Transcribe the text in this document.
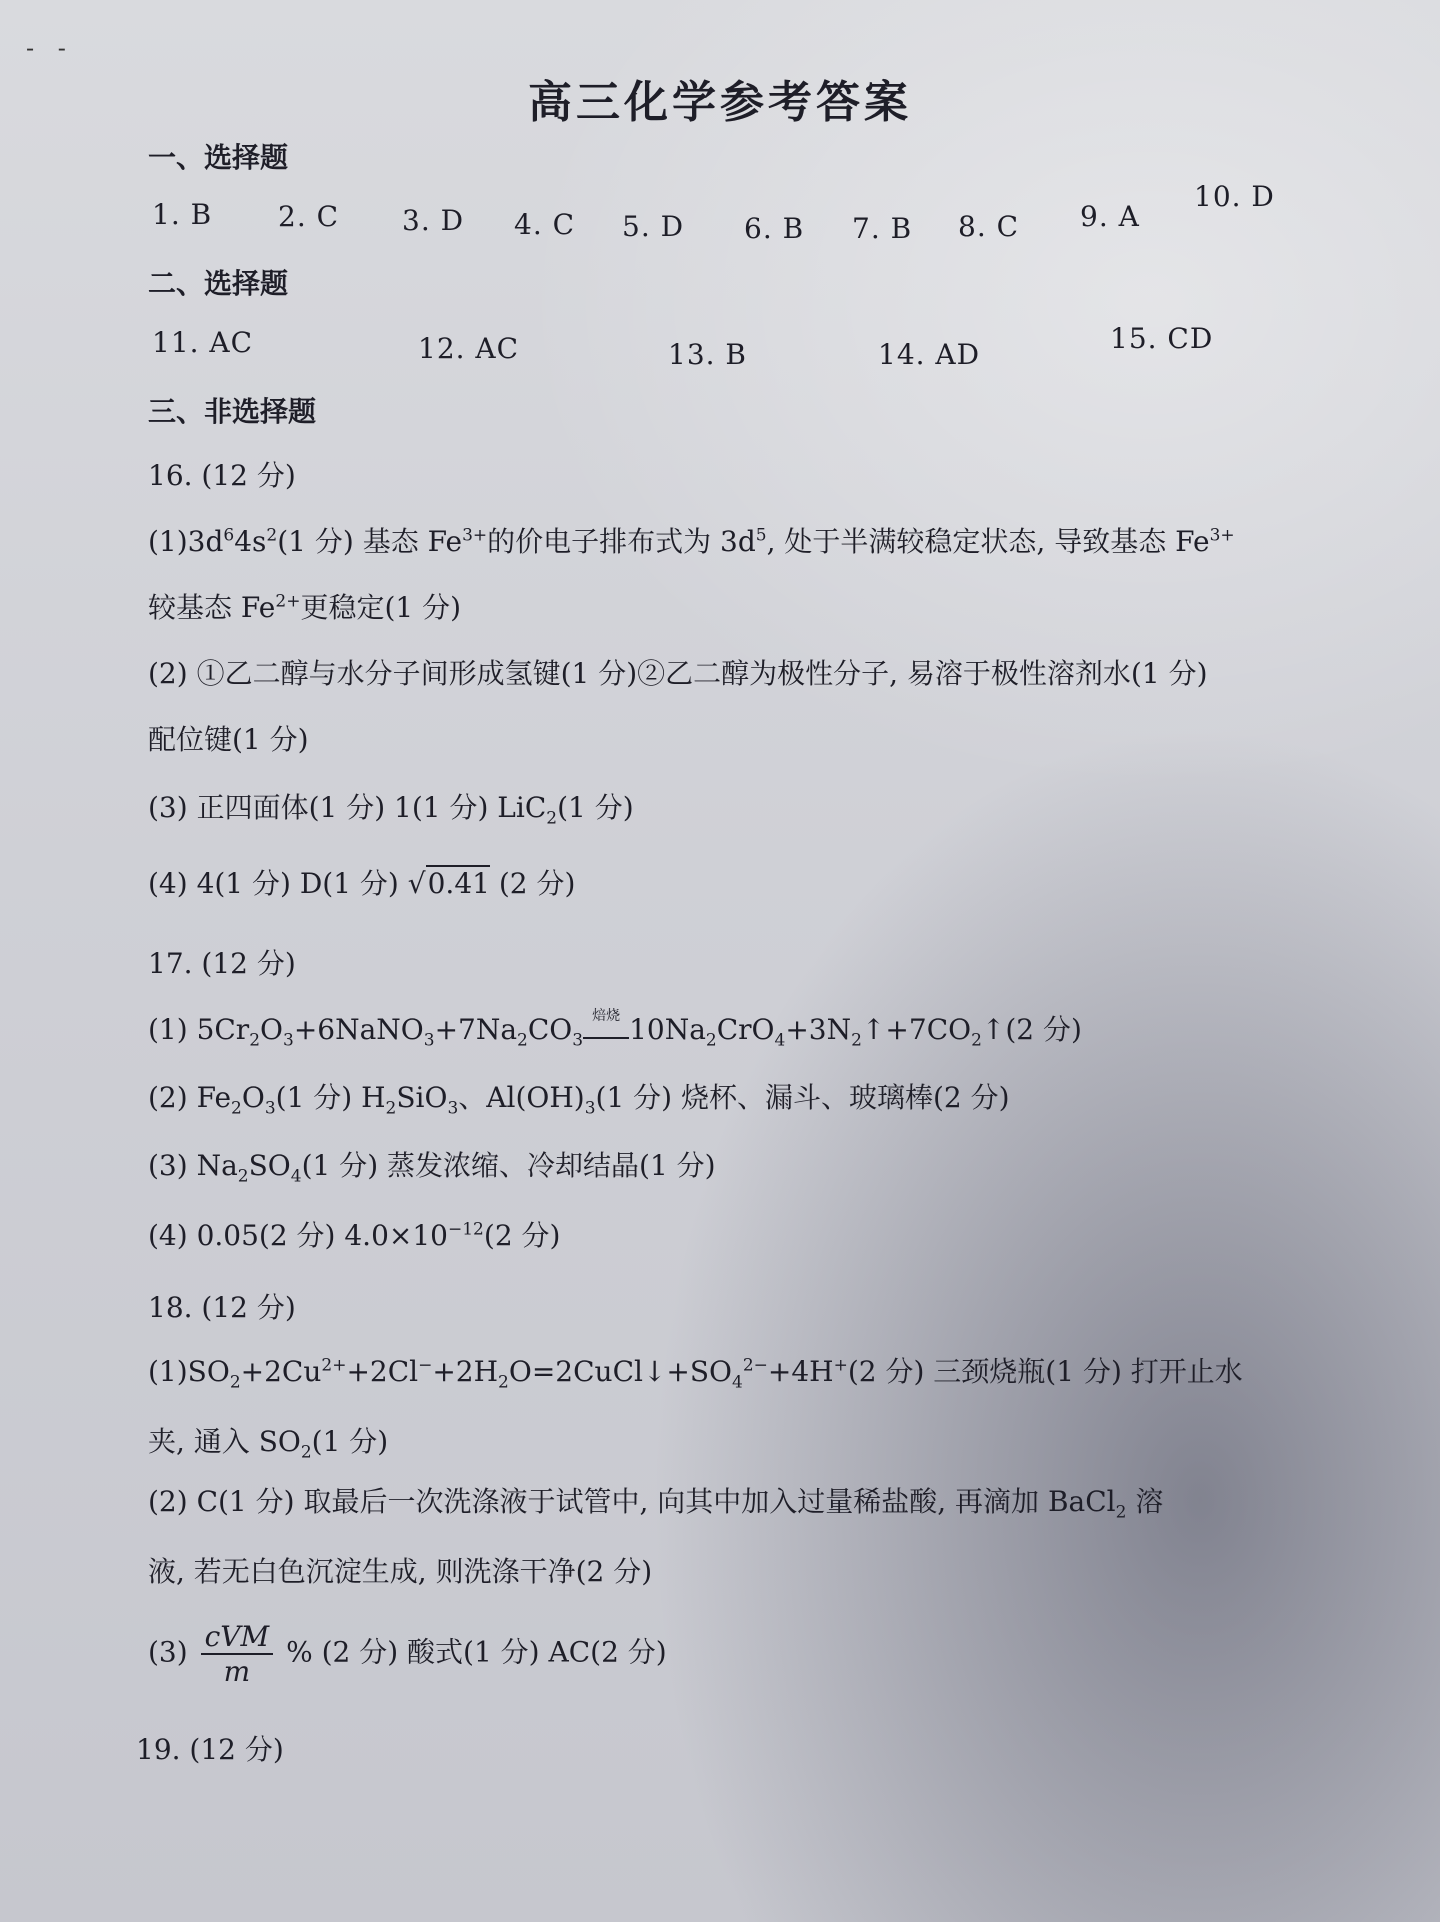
- -
高三化学参考答案
一、选择题
1. B 2. C 3. D 4. C 5. D 6. B 7. B 8. C 9. A
10. D
二、选择题
11. AC	12. AC	13. B	14. AD	15. CD
三、非选择题
16. (12 分)
$(1)3d^64s^2(1$ 分) 基态 $Fe^{3+}$的价电子排布式为 $3d^5$, 处于半满较稳定状态, 导致基态 $Fe^{3+}$
较基态 $Fe^{2+}$更稳定(1 分)
(2) ①乙二醇与水分子间形成氢键(1 分)②乙二醇为极性分子, 易溶于极性溶剂水(1 分)
配位键(1 分)
(3) 正四面体(1 分) 1(1 分) LiC$_2$(1 分)
(4) 4(1 分) D(1 分) √0.41 (2 分)
17. (12 分)
(1) $5Cr_2O_3+6NaNO_3+7Na_2CO_3$
焙烧 $10Na_2CrO_4+3N_2↑+7CO_2↑(2$ 分)
(2) $Fe_2O_3(1$ 分) $H_2SiO_3$、$Al(OH)_3(1$ 分) 烧杯、漏斗、玻璃棒(2 分)
(3) $Na_2SO_4(1$ 分) 蒸发浓缩、冷却结晶(1 分)
(4) 0.05(2 分) $4.0\times 10^{-12}(2$ 分)
18. (12 分)
$(1)SO_2+2Cu^{2+}+2Cl^-+2H_2O=2CuCl↓+SO_4^{2-}+4H^+(2$ 分) 三颈烧瓶(1 分) 打开止水
夹, 通入 $SO_2(1$ 分)
(2) C(1 分) 取最后一次洗涤液于试管中, 向其中加入过量稀盐酸, 再滴加 BaCl$_2$ 溶
液, 若无白色沉淀生成, 则洗涤干净(2 分)
$(3) \frac{\text{cVM}}{m}$ % (2 分) 酸式(1 分) AC(2 分)
19. (12 分)
